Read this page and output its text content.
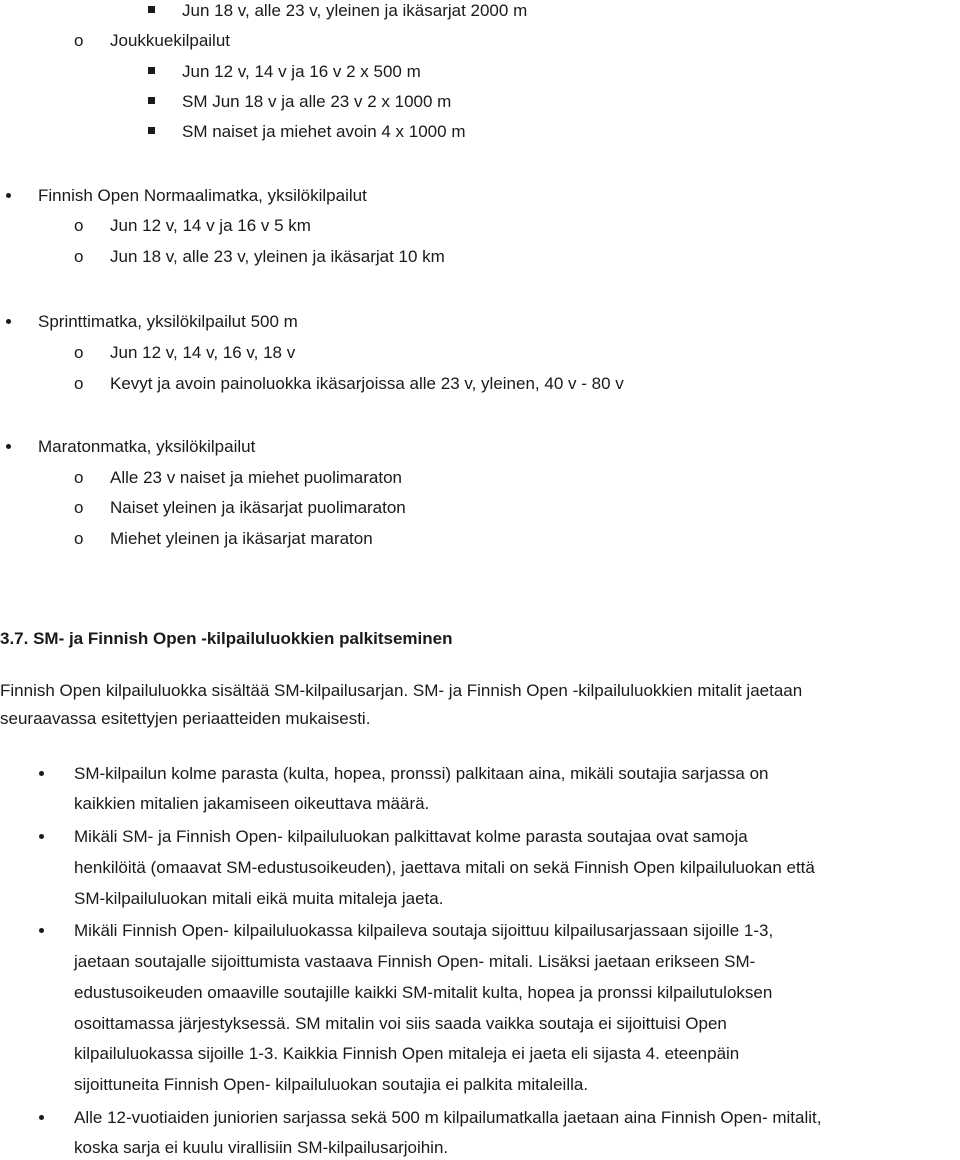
Jun 18 v, alle 23 v, yleinen ja ikäsarjat 2000 m
o Joukkuekilpailut
Jun 12 v, 14 v ja 16 v 2 x 500 m
SM Jun 18 v ja alle 23 v 2 x 1000 m
SM naiset ja miehet avoin 4 x 1000 m
Finnish Open Normaalimatka, yksilökilpailut
o Jun 12 v, 14 v ja 16 v 5 km
o Jun 18 v, alle 23 v, yleinen ja ikäsarjat 10 km
Sprinttimatka, yksilökilpailut 500 m
o Jun 12 v, 14 v, 16 v, 18 v
o Kevyt ja avoin painoluokka ikäsarjoissa alle 23 v, yleinen, 40 v - 80 v
Maratonmatka, yksilökilpailut
o Alle 23 v naiset ja miehet puolimaraton
o Naiset yleinen ja ikäsarjat puolimaraton
o Miehet yleinen ja ikäsarjat maraton
3.7. SM- ja Finnish Open -kilpailuluokkien palkitseminen
Finnish Open kilpailuluokka sisältää SM-kilpailusarjan. SM- ja Finnish Open -kilpailuluokkien mitalit jaetaan
seuraavassa esitettyjen periaatteiden mukaisesti.
SM-kilpailun kolme parasta (kulta, hopea, pronssi) palkitaan aina, mikäli soutajia sarjassa on
kaikkien mitalien jakamiseen oikeuttava määrä.
Mikäli SM- ja Finnish Open- kilpailuluokan palkittavat kolme parasta soutajaa ovat samoja
henkilöitä (omaavat SM-edustusoikeuden), jaettava mitali on sekä Finnish Open kilpailuluokan että
SM-kilpailuluokan mitali eikä muita mitaleja jaeta.
Mikäli Finnish Open- kilpailuluokassa kilpaileva soutaja sijoittuu kilpailusarjassaan sijoille 1-3,
jaetaan soutajalle sijoittumista vastaava Finnish Open- mitali. Lisäksi jaetaan erikseen SM-
edustusoikeuden omaaville soutajille kaikki SM-mitalit kulta, hopea ja pronssi kilpailutuloksen
osoittamassa järjestyksessä. SM mitalin voi siis saada vaikka soutaja ei sijoittuisi Open
kilpailuluokassa sijoille 1-3. Kaikkia Finnish Open mitaleja ei jaeta eli sijasta 4. eteenpäin
sijoittuneita Finnish Open- kilpailuluokan soutajia ei palkita mitaleilla.
Alle 12-vuotiaiden juniorien sarjassa sekä 500 m kilpailumatkalla jaetaan aina Finnish Open- mitalit,
koska sarja ei kuulu virallisiin SM-kilpailusarjoihin.
